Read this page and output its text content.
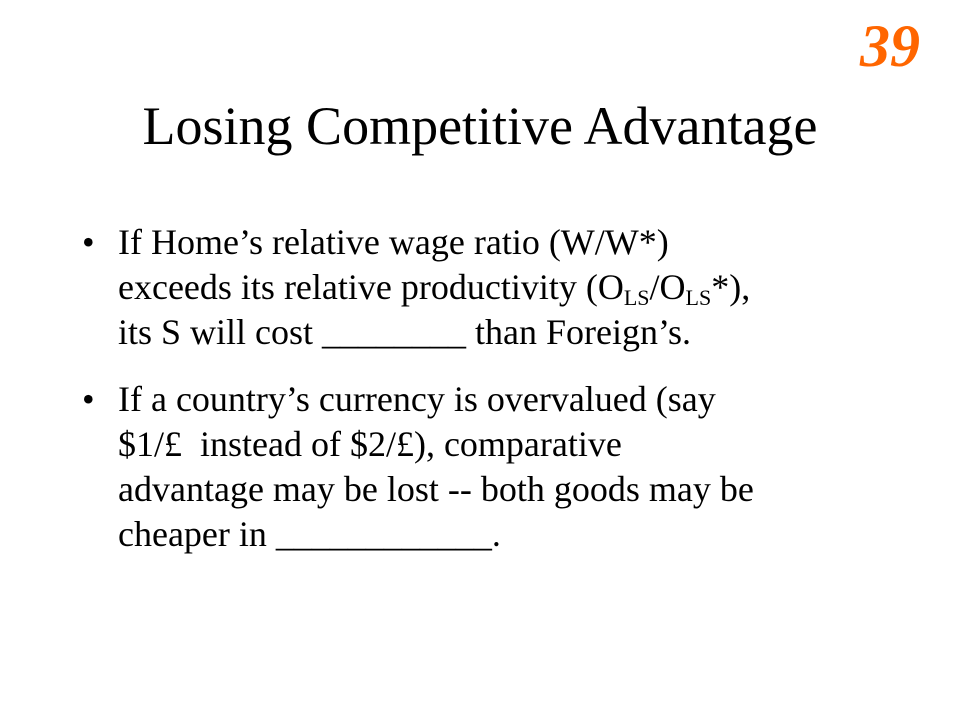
39
Losing Competitive Advantage
• If Home’s relative wage ratio (W/W*)
exceeds its relative productivity $(O_{LS}/O_{LS}*)$,
its S will cost ________ than Foreign’s.
• If a country’s currency is overvalued (say
$1/£  instead of $2/£), comparative
advantage may be lost -- both goods may be
cheaper in ____________.
